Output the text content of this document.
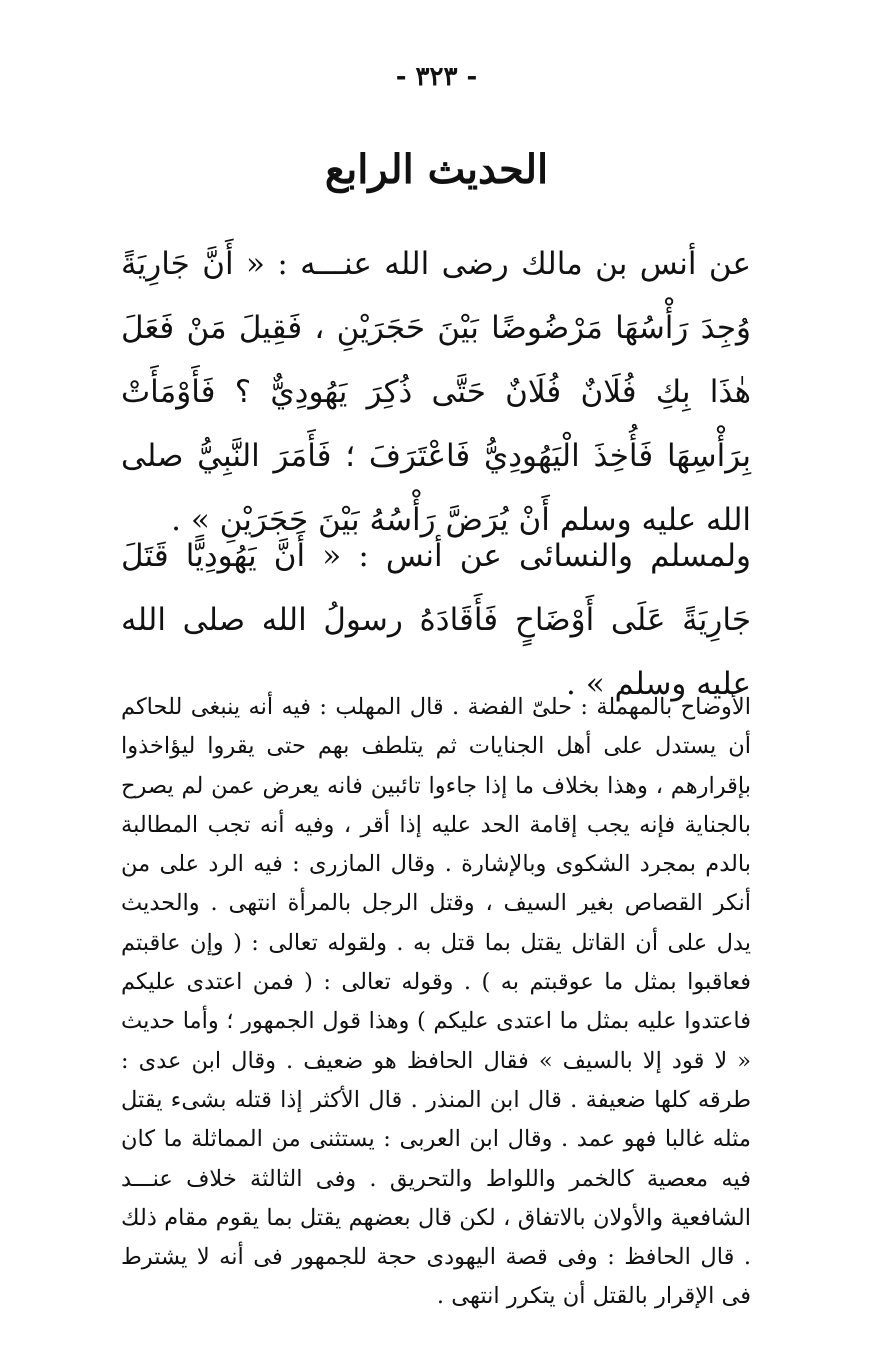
- ٣٢٣ -
الحديث الرابع

عن أنس بن مالك رضى الله عنـــه : « أَنَّ جَارِيَةً وُجِدَ رَأْسُهَا مَرْضُوضًا بَيْنَ حَجَرَيْنِ ، فَقِيلَ مَنْ فَعَلَ هٰذَا بِكِ فُلَانٌ فُلَانٌ حَتَّى ذُكِرَ يَهُودِيٌّ ؟ فَأَوْمَأَتْ بِرَأْسِهَا فَأُخِذَ الْيَهُودِيُّ فَاعْتَرَفَ ؛ فَأَمَرَ النَّبِيُّ صلى الله عليه وسلم أَنْ يُرَضَّ رَأْسُهُ بَيْنَ حَجَرَيْنِ » .

ولمسلم والنسائى عن أنس : « أَنَّ يَهُودِيًّا قَتَلَ جَارِيَةً عَلَى أَوْضَاحٍ فَأَقَادَهُ رسولُ الله صلى الله عليه وسلم » .

الأوضاح بالمهملة : حلىّ الفضة . قال المهلب : فيه أنه ينبغى للحاكم أن يستدل على أهل الجنايات ثم يتلطف بهم حتى يقروا ليؤاخذوا بإقرارهم ، وهذا بخلاف ما إذا جاءوا تائبين فانه يعرض عمن لم يصرح بالجناية فإنه يجب إقامة الحد عليه إذا أقر ، وفيه أنه تجب المطالبة بالدم بمجرد الشكوى وبالإشارة . وقال المازرى : فيه الرد على من أنكر القصاص بغير السيف ، وقتل الرجل بالمرأة انتهى . والحديث يدل على أن القاتل يقتل بما قتل به . ولقوله تعالى : ( وإن عاقبتم فعاقبوا بمثل ما عوقبتم به ) . وقوله تعالى : ( فمن اعتدى عليكم فاعتدوا عليه بمثل ما اعتدى عليكم ) وهذا قول الجمهور ؛ وأما حديث « لا قود إلا بالسيف » فقال الحافظ هو ضعيف . وقال ابن عدى : طرقه كلها ضعيفة . قال ابن المنذر . قال الأكثر إذا قتله بشىء يقتل مثله غالبا فهو عمد . وقال ابن العربى : يستثنى من المماثلة ما كان فيه معصية كالخمر واللواط والتحريق . وفى الثالثة خلاف عنـــد الشافعية والأولان بالاتفاق ، لكن قال بعضهم يقتل بما يقوم مقام ذلك . قال الحافظ : وفى قصة اليهودى حجة للجمهور فى أنه لا يشترط فى الإقرار بالقتل أن يتكرر انتهى .
